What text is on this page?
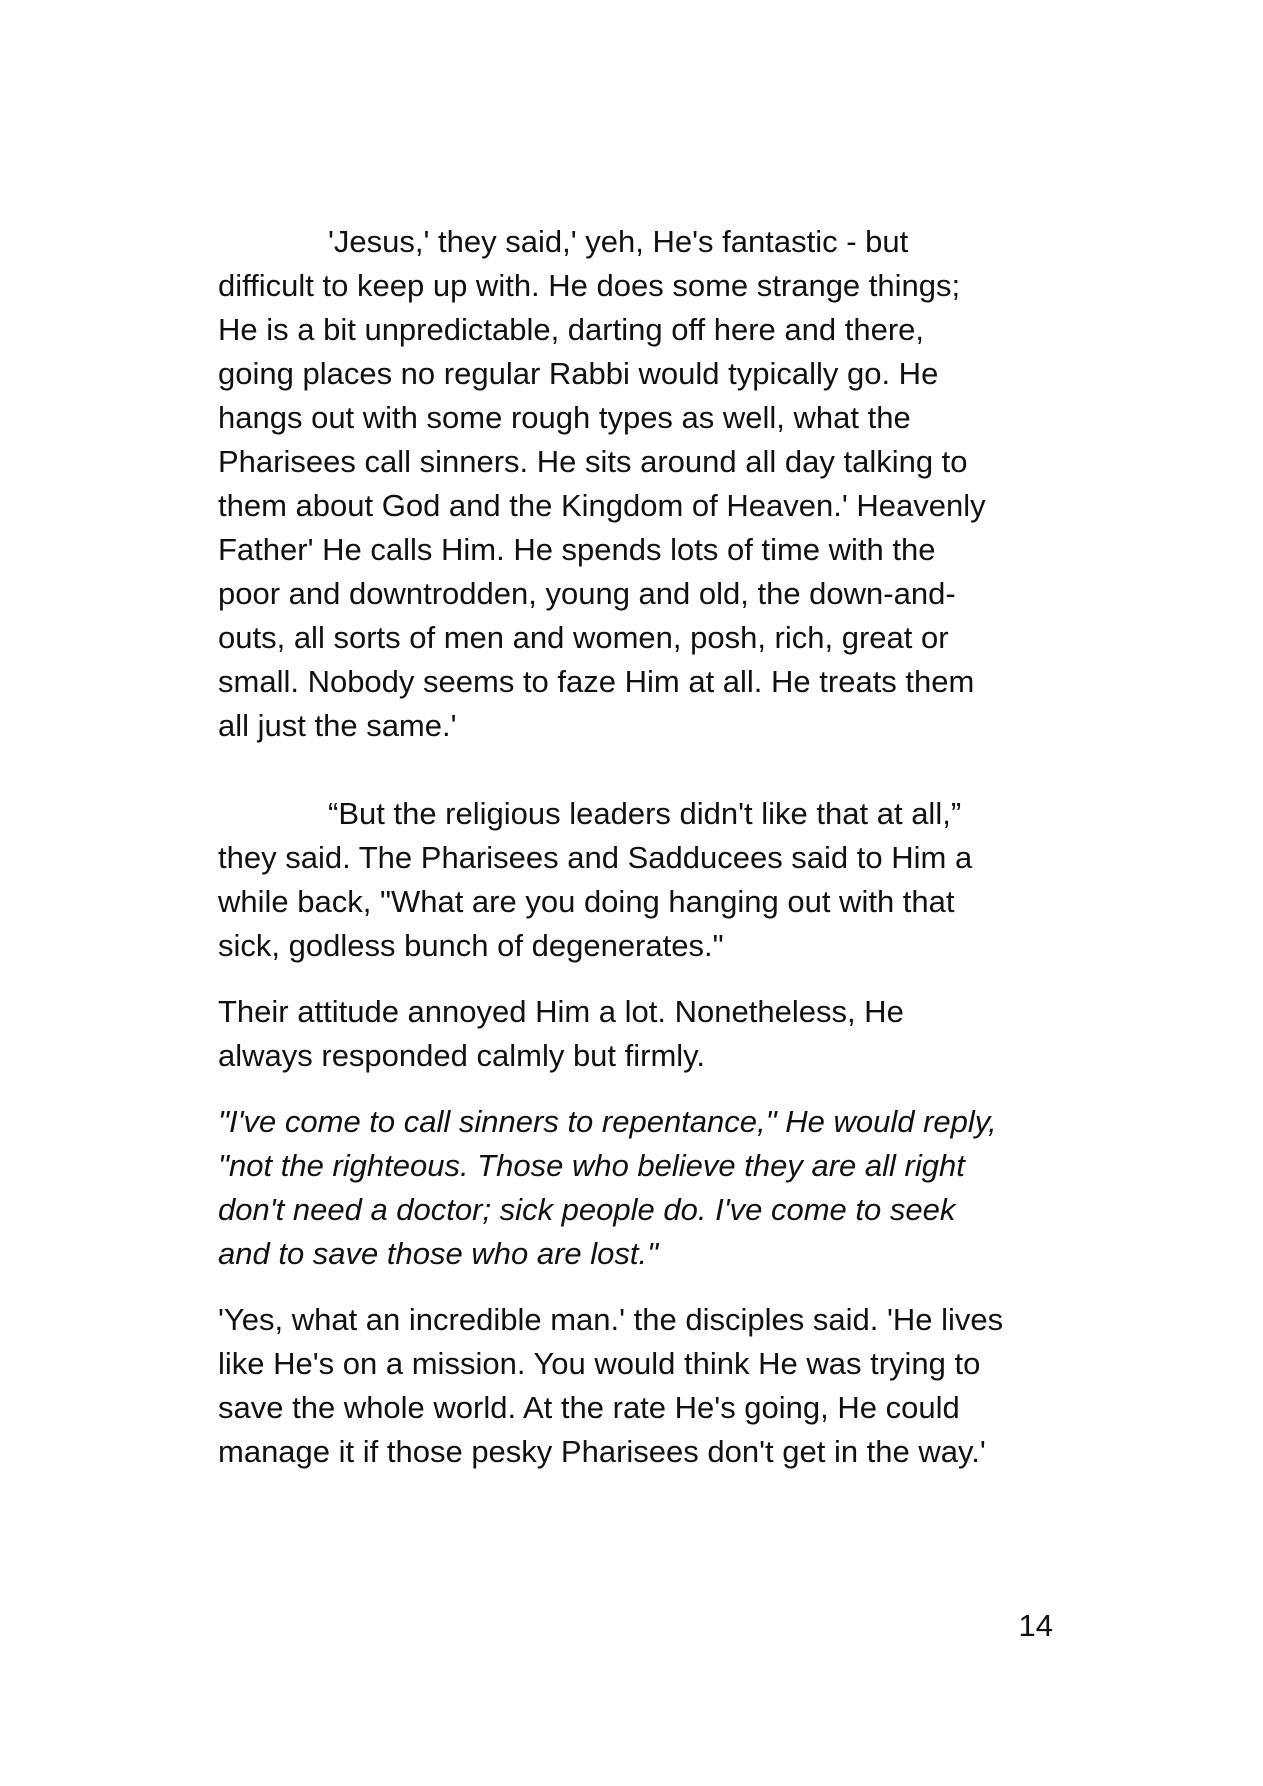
'Jesus,' they said,' yeh, He's fantastic - but
difficult to keep up with. He does some strange things;
He is a bit unpredictable, darting off here and there,
going places no regular Rabbi would typically go. He
hangs out with some rough types as well, what the
Pharisees call sinners. He sits around all day talking to
them about God and the Kingdom of Heaven.' Heavenly
Father' He calls Him. He spends lots of time with the
poor and downtrodden, young and old, the down-and-
outs, all sorts of men and women, posh, rich, great or
small. Nobody seems to faze Him at all. He treats them
all just the same.'

“But the religious leaders didn't like that at all,”
they said. The Pharisees and Sadducees said to Him a
while back, "What are you doing hanging out with that
sick, godless bunch of degenerates."

Their attitude annoyed Him a lot. Nonetheless, He
always responded calmly but firmly.

"I've come to call sinners to repentance," He would reply,
"not the righteous. Those who believe they are all right
don't need a doctor; sick people do. I've come to seek
and to save those who are lost."

'Yes, what an incredible man.' the disciples said. 'He lives
like He's on a mission. You would think He was trying to
save the whole world. At the rate He's going, He could
manage it if those pesky Pharisees don't get in the way.'

14
